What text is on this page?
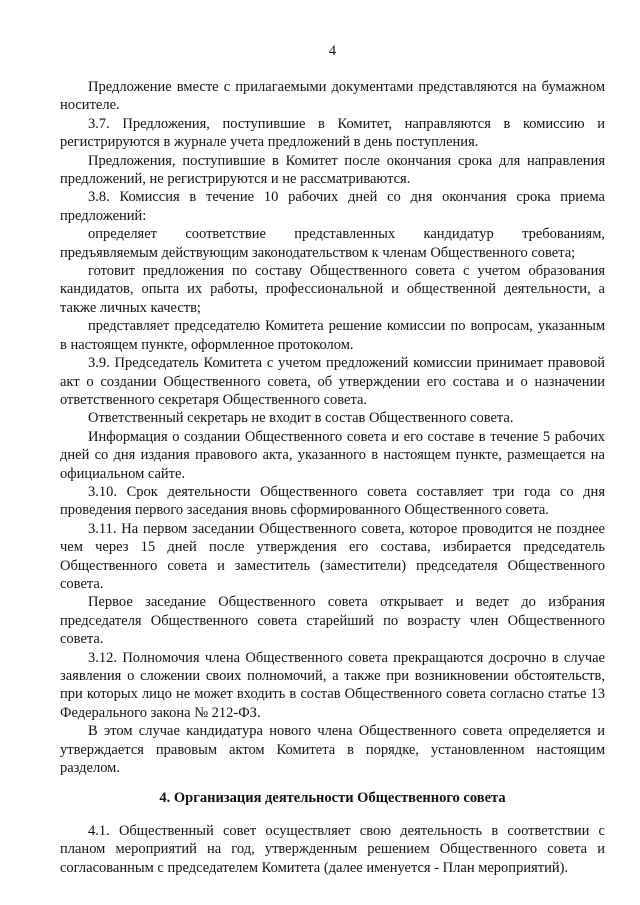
4

Предложение вместе с прилагаемыми документами представляются на бумажном носителе.

3.7. Предложения, поступившие в Комитет, направляются в комиссию и регистрируются в журнале учета предложений в день поступления.

Предложения, поступившие в Комитет после окончания срока для направления предложений, не регистрируются и не рассматриваются.

3.8. Комиссия в течение 10 рабочих дней со дня окончания срока приема предложений:

определяет соответствие представленных кандидатур требованиям, предъявляемым действующим законодательством к членам Общественного совета;

готовит предложения по составу Общественного совета с учетом образования кандидатов, опыта их работы, профессиональной и общественной деятельности, а также личных качеств;

представляет председателю Комитета решение комиссии по вопросам, указанным в настоящем пункте, оформленное протоколом.

3.9. Председатель Комитета с учетом предложений комиссии принимает правовой акт о создании Общественного совета, об утверждении его состава и о назначении ответственного секретаря Общественного совета.

Ответственный секретарь не входит в состав Общественного совета.

Информация о создании Общественного совета и его составе в течение 5 рабочих дней со дня издания правового акта, указанного в настоящем пункте, размещается на официальном сайте.

3.10. Срок деятельности Общественного совета составляет три года со дня проведения первого заседания вновь сформированного Общественного совета.

3.11. На первом заседании Общественного совета, которое проводится не позднее чем через 15 дней после утверждения его состава, избирается председатель Общественного совета и заместитель (заместители) председателя Общественного совета.

Первое заседание Общественного совета открывает и ведет до избрания председателя Общественного совета старейший по возрасту член Общественного совета.

3.12. Полномочия члена Общественного совета прекращаются досрочно в случае заявления о сложении своих полномочий, а также при возникновении обстоятельств, при которых лицо не может входить в состав Общественного совета согласно статье 13 Федерального закона № 212-ФЗ.

В этом случае кандидатура нового члена Общественного совета определяется и утверждается правовым актом Комитета в порядке, установленном настоящим разделом.

4. Организация деятельности Общественного совета

4.1. Общественный совет осуществляет свою деятельность в соответствии с планом мероприятий на год, утвержденным решением Общественного совета и согласованным с председателем Комитета (далее именуется - План мероприятий).
